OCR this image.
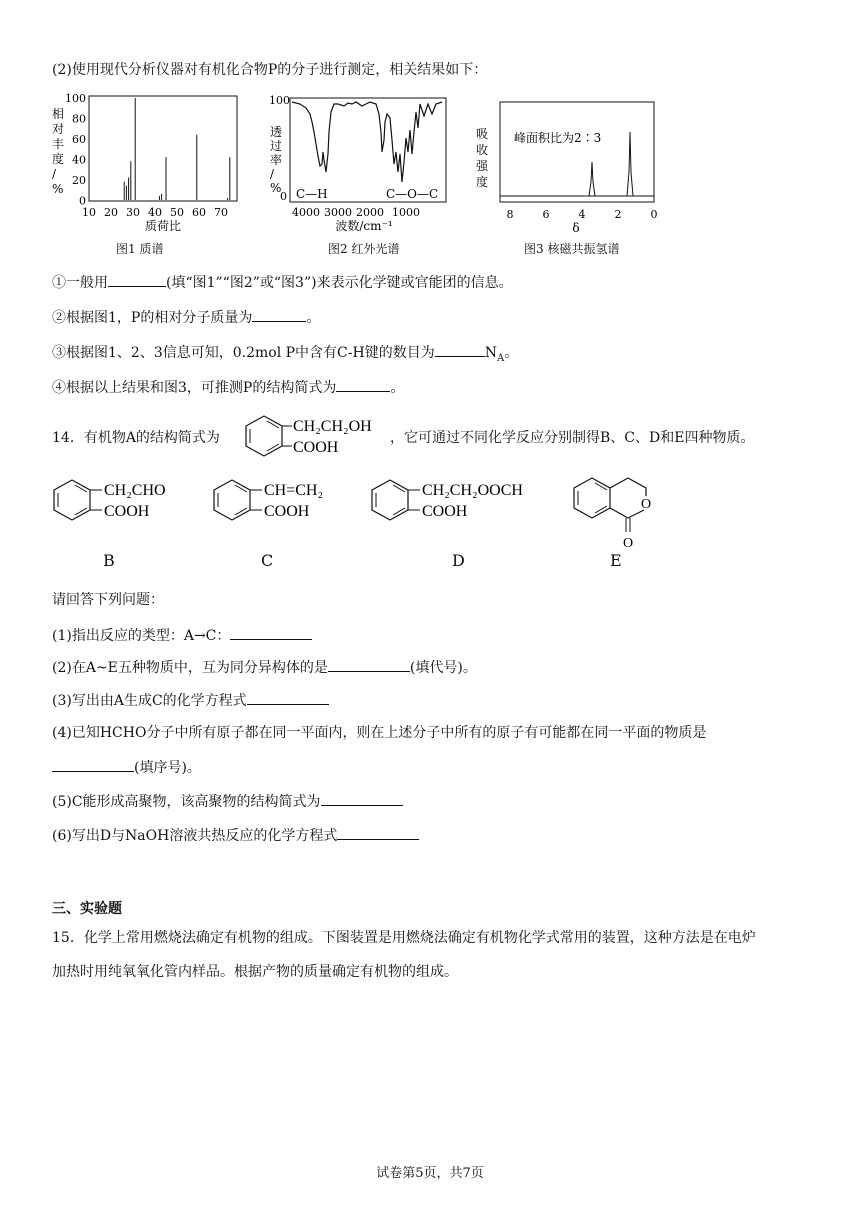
(2)使用现代分析仪器对有机化合物P的分子进行测定，相关结果如下：
相
对
丰
度
/
%
100
80
60
40
20
0
10 20 30 40 50 60 70
质荷比
图1 质谱
透
过
率
/
%
100
0 C—H	C—O—C
4000 3000 2000 1000
波数/cm⁻¹
图2 红外光谱
吸
收
强
度
峰面积比为2∶3
8	6	4	2	0
δ
图3 核磁共振氢谱
①一般用	(填“图1”“图2”或“图3”)来表示化学键或官能团的信息。
②根据图1，P的相对分子质量为	。
③根据图1、2、3信息可知，0.2mol P中含有C-H键的数目为	$N_A$。
④根据以上结果和图3，可推测P的结构简式为	。
14．有机物A的结构简式为
CH₂CH₂OH
COOH
，它可通过不同化学反应分别制得B、C、D和E四种物质。
CH₂CHO
COOH
CH=CH₂
COOH
CH₂CH₂OOCH
COOH	O
O
B	C	D	E
请回答下列问题：
(1)指出反应的类型：A→C：
(2)在A~E五种物质中，互为同分异构体的是	(填代号)。
(3)写出由A生成C的化学方程式
(4)已知HCHO分子中所有原子都在同一平面内，则在上述分子中所有的原子有可能都在同一平面的物质是
(填序号)。
(5)C能形成高聚物，该高聚物的结构简式为
(6)写出D与NaOH溶液共热反应的化学方程式
三、实验题
15．化学上常用燃烧法确定有机物的组成。下图装置是用燃烧法确定有机物化学式常用的装置，这种方法是在电炉
加热时用纯氧氧化管内样品。根据产物的质量确定有机物的组成。
试卷第5页，共7页
